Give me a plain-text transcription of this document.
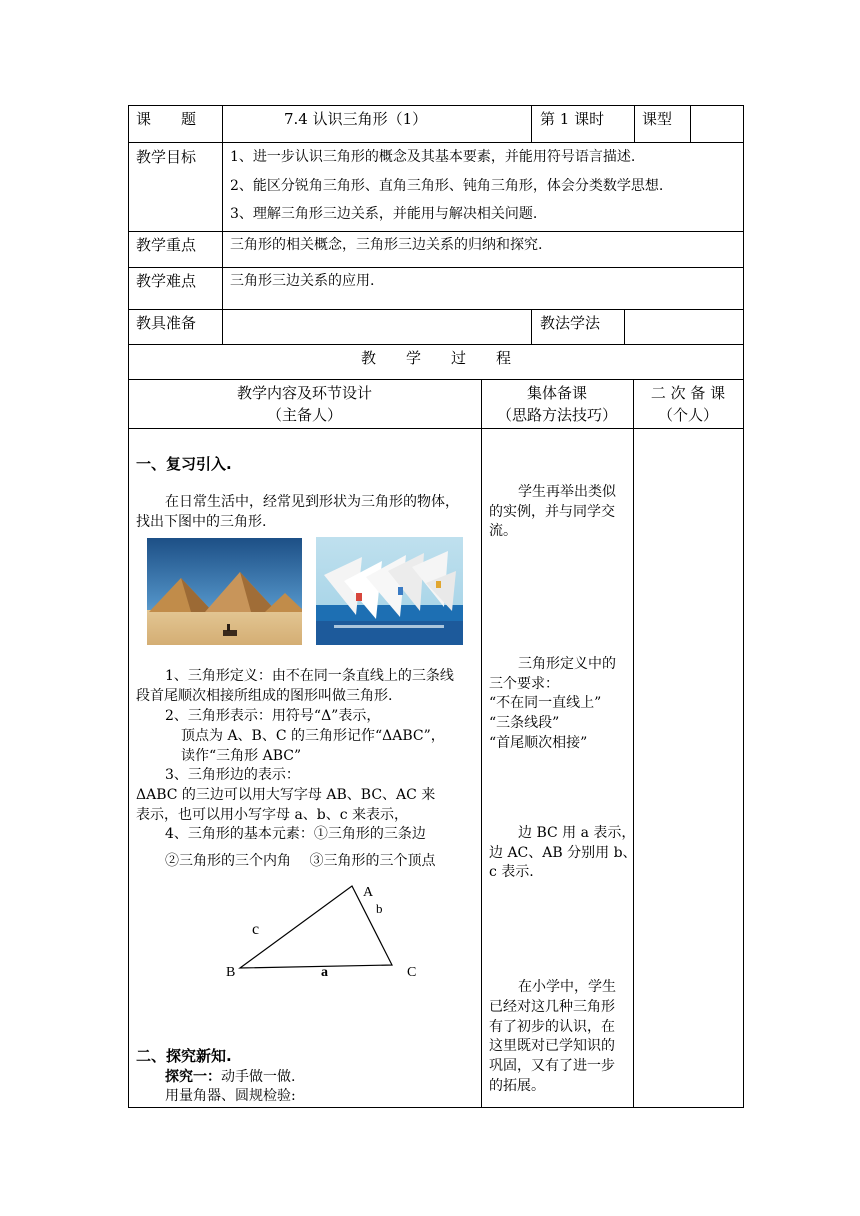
课　　题	7.4 认识三角形（1）	第 1 课时	课型
教学目标 1、进一步认识三角形的概念及其基本要素，并能用符号语言描述.
2、能区分锐角三角形、直角三角形、钝角三角形，体会分类数学思想.
3、理解三角形三边关系，并能用与解决相关问题.
教学重点 三角形的相关概念，三角形三边关系的归纳和探究.
教学难点 三角形三边关系的应用.
教具准备	教法学法
教　　学　　过　　程
教学内容及环节设计
（主备人）
集体备课
（思路方法技巧）
二 次 备 课
（个人）
一、复习引入.
在日常生活中，经常见到形状为三角形的物体，
找出下图中的三角形.
1、三角形定义：由不在同一条直线上的三条线
段首尾顺次相接所组成的图形叫做三角形.
2、三角形表示：用符号“Δ”表示，
顶点为 A、B、C 的三角形记作“ΔABC”，
读作“三角形 ABC”
3、三角形边的表示：
ΔABC 的三边可以用大写字母 AB、BC、AC 来
表示，也可以用小写字母 a、b、c 来表示，
4、三角形的基本元素：①三角形的三条边
②三角形的三个内角　 ③三角形的三个顶点
A
b
c
B	a	C
二、探究新知.
探究一：动手做一做.
用量角器、圆规检验:
学生再举出类似
的实例，并与同学交
流。
三角形定义中的
三个要求：
“不在同一直线上”
“三条线段”
“首尾顺次相接”
边 BC 用 a 表示，
边 AC、AB 分别用 b、
c 表示.
在小学中，学生
已经对这几种三角形
有了初步的认识，在
这里既对已学知识的
巩固，又有了进一步
的拓展。
